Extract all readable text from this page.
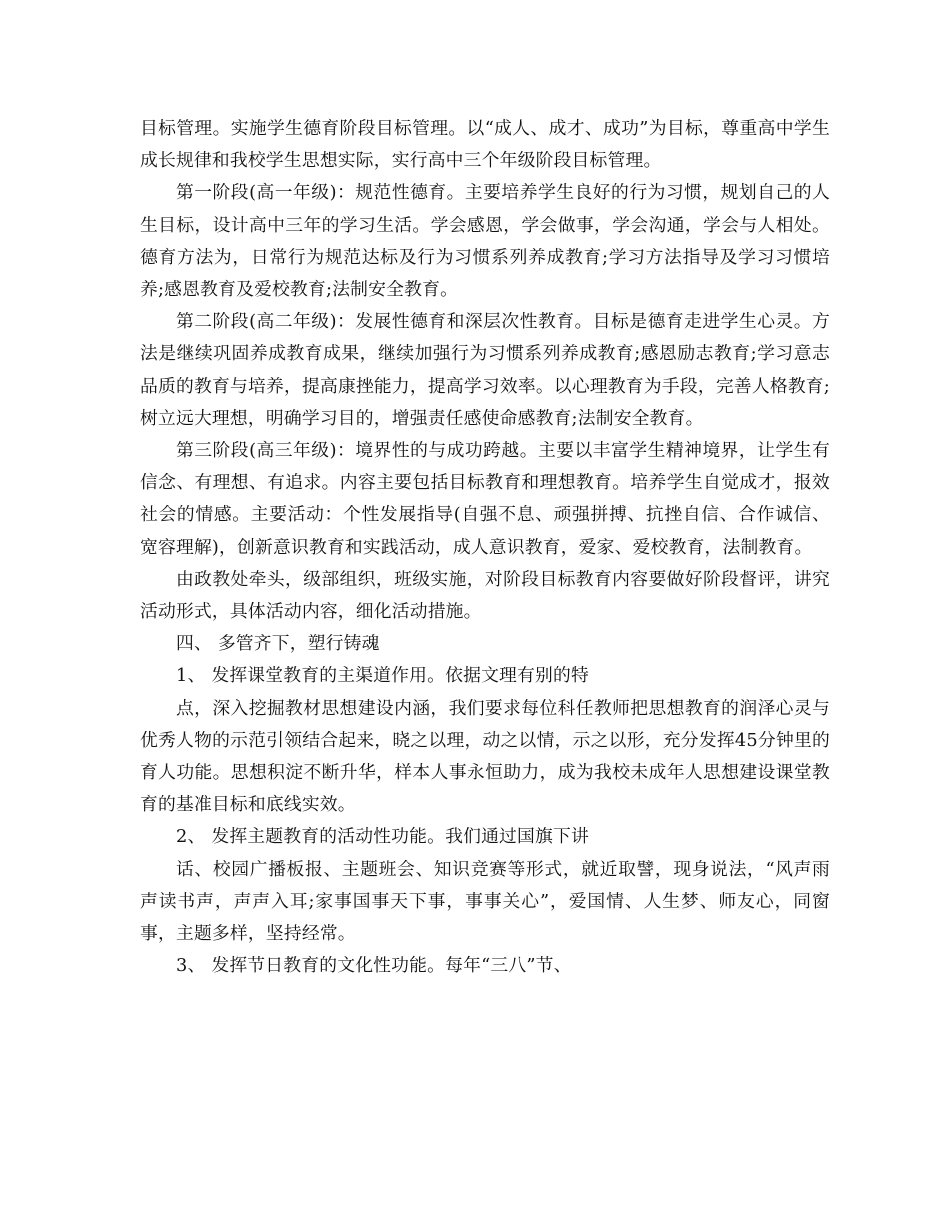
目标管理。实施学生德育阶段目标管理。以“成人、成才、成功”为目标，尊重高中学生成长规律和我校学生思想实际，实行高中三个年级阶段目标管理。

第一阶段(高一年级)：规范性德育。主要培养学生良好的行为习惯，规划自己的人生目标，设计高中三年的学习生活。学会感恩，学会做事，学会沟通，学会与人相处。德育方法为，日常行为规范达标及行为习惯系列养成教育;学习方法指导及学习习惯培养;感恩教育及爱校教育;法制安全教育。

第二阶段(高二年级)：发展性德育和深层次性教育。目标是德育走进学生心灵。方法是继续巩固养成教育成果，继续加强行为习惯系列养成教育;感恩励志教育;学习意志品质的教育与培养，提高康挫能力，提高学习效率。以心理教育为手段，完善人格教育;树立远大理想，明确学习目的，增强责任感使命感教育;法制安全教育。

第三阶段(高三年级)：境界性的与成功跨越。主要以丰富学生精神境界，让学生有信念、有理想、有追求。内容主要包括目标教育和理想教育。培养学生自觉成才，报效社会的情感。主要活动：个性发展指导(自强不息、顽强拼搏、抗挫自信、合作诚信、宽容理解)，创新意识教育和实践活动，成人意识教育，爱家、爱校教育，法制教育。

由政教处牵头，级部组织，班级实施，对阶段目标教育内容要做好阶段督评，讲究活动形式，具体活动内容，细化活动措施。

四、 多管齐下，塑行铸魂

1、 发挥课堂教育的主渠道作用。依据文理有别的特

点，深入挖掘教材思想建设内涵，我们要求每位科任教师把思想教育的润泽心灵与优秀人物的示范引领结合起来，晓之以理，动之以情，示之以形，充分发挥45分钟里的育人功能。思想积淀不断升华，样本人事永恒助力，成为我校未成年人思想建设课堂教育的基准目标和底线实效。

2、 发挥主题教育的活动性功能。我们通过国旗下讲

话、校园广播板报、主题班会、知识竞赛等形式，就近取譬，现身说法，“风声雨声读书声，声声入耳;家事国事天下事，事事关心”，爱国情、人生梦、师友心，同窗事，主题多样，坚持经常。

3、 发挥节日教育的文化性功能。每年“三八”节、
